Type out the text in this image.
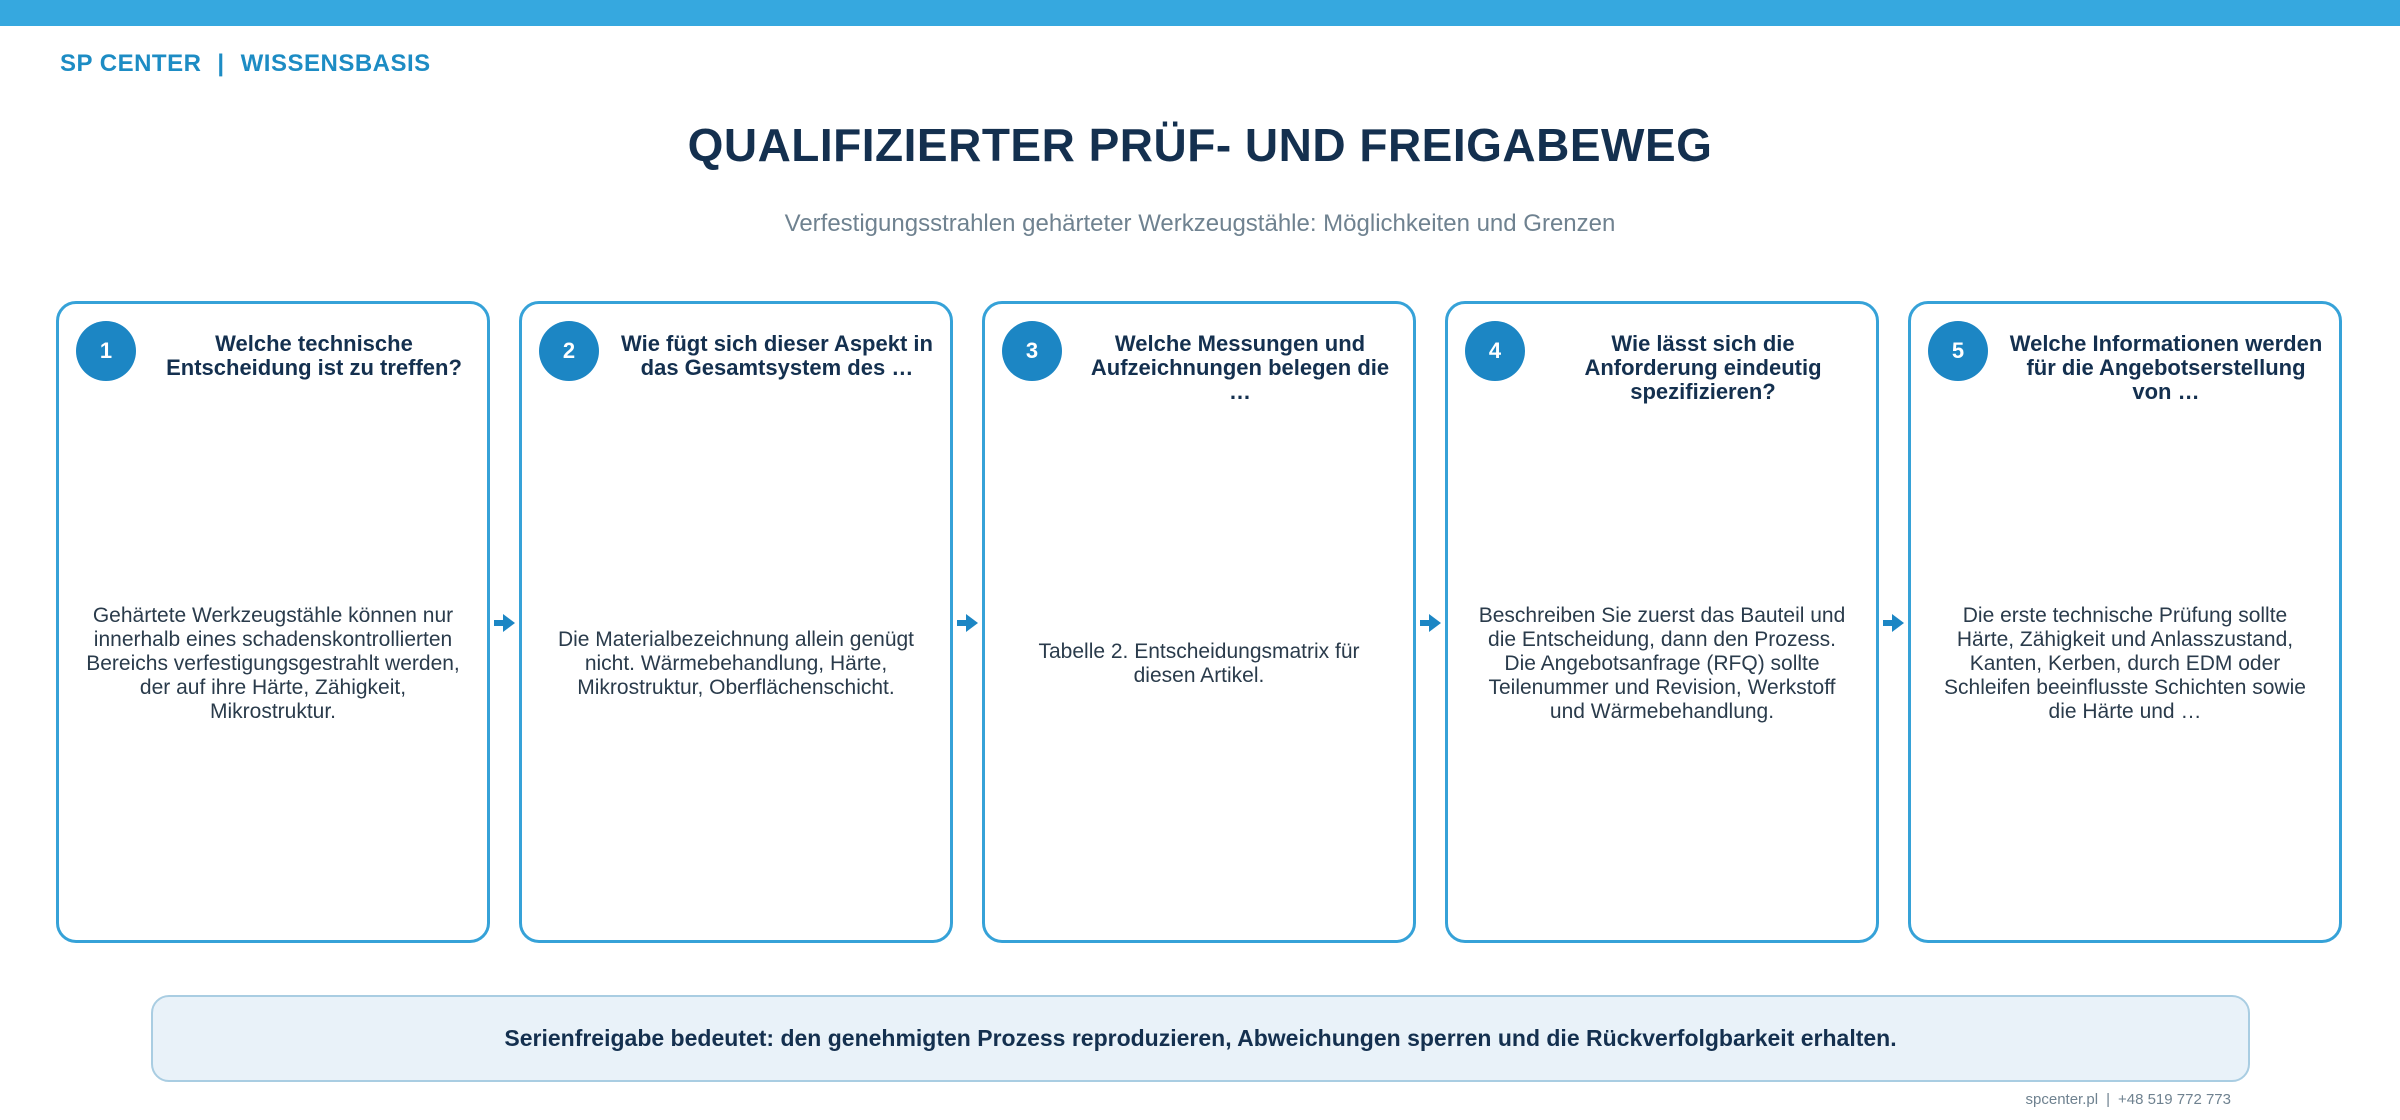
SP CENTER | WISSENSBASIS
QUALIFIZIERTER PRÜF- UND FREIGABEWEG
Verfestigungsstrahlen gehärteter Werkzeugstähle: Möglichkeiten und Grenzen
1	Welche technische Entscheidung ist zu treffen?
Gehärtete Werkzeugstähle können nur innerhalb eines schadenskontrollierten Bereichs verfestigungsgestrahlt werden, der auf ihre Härte, Zähigkeit, Mikrostruktur.
2	Wie fügt sich dieser Aspekt in das Gesamtsystem des …
Die Materialbezeichnung allein genügt nicht. Wärmebehandlung, Härte, Mikrostruktur, Oberflächenschicht.
3	Welche Messungen und Aufzeichnungen belegen die …
Tabelle 2. Entscheidungsmatrix für diesen Artikel.
4	Wie lässt sich die Anforderung eindeutig spezifizieren?
Beschreiben Sie zuerst das Bauteil und die Entscheidung, dann den Prozess. Die Angebotsanfrage (RFQ) sollte Teilenummer und Revision, Werkstoff und Wärmebehandlung.
5	Welche Informationen werden für die Angebotserstellung von …
Die erste technische Prüfung sollte Härte, Zähigkeit und Anlasszustand, Kanten, Kerben, durch EDM oder Schleifen beeinflusste Schichten sowie die Härte und …
Serienfreigabe bedeutet: den genehmigten Prozess reproduzieren, Abweichungen sperren und die Rückverfolgbarkeit erhalten.
spcenter.pl | +48 519 772 773
